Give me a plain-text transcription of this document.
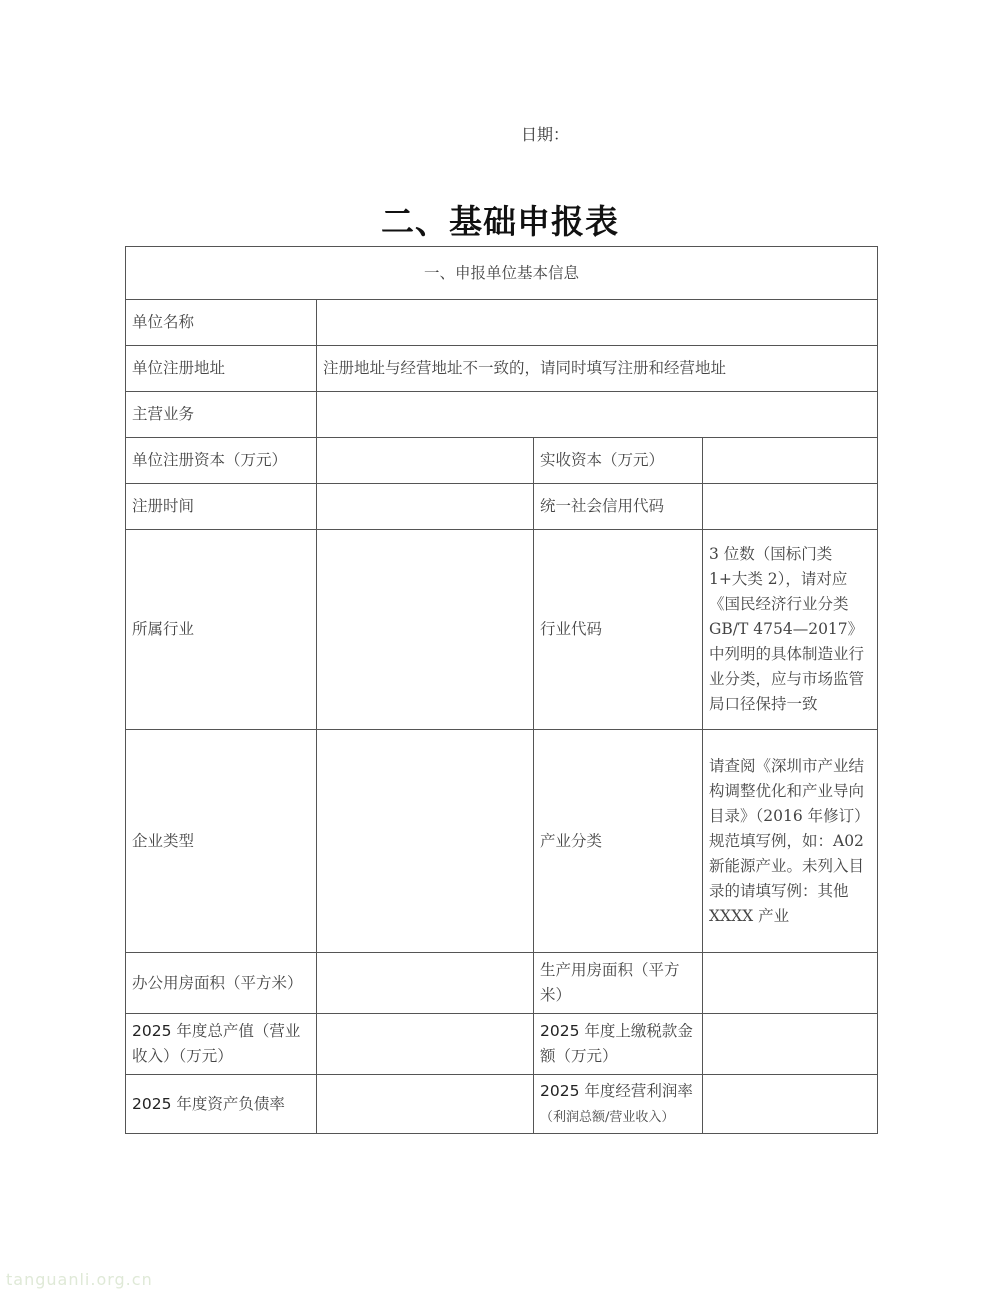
日期：
二、基础申报表
一、申报单位基本信息			
单位名称			
单位注册地址	注册地址与经营地址不一致的，请同时填写注册和经营地址		
主营业务			
单位注册资本（万元）		实收资本（万元）	
注册时间		统一社会信用代码	
所属行业		行业代码	3 位数（国标门类 1+大类 2），请对应《国民经济行业分类 GB/T 4754—2017》中列明的具体制造业行业分类，应与市场监管局口径保持一致
企业类型		产业分类	请查阅《深圳市产业结构调整优化和产业导向目录》（2016 年修订）规范填写例，如：A02 新能源产业。未列入目录的请填写例：其他 XXXX 产业
办公用房面积（平方米）		生产用房面积（平方米）	
2025 年度总产值（营业收入）（万元）		2025 年度上缴税款金额（万元）	
2025 年度资产负债率		2025 年度经营利润率
（利润总额/营业收入）	
tanguanli.org.cn
